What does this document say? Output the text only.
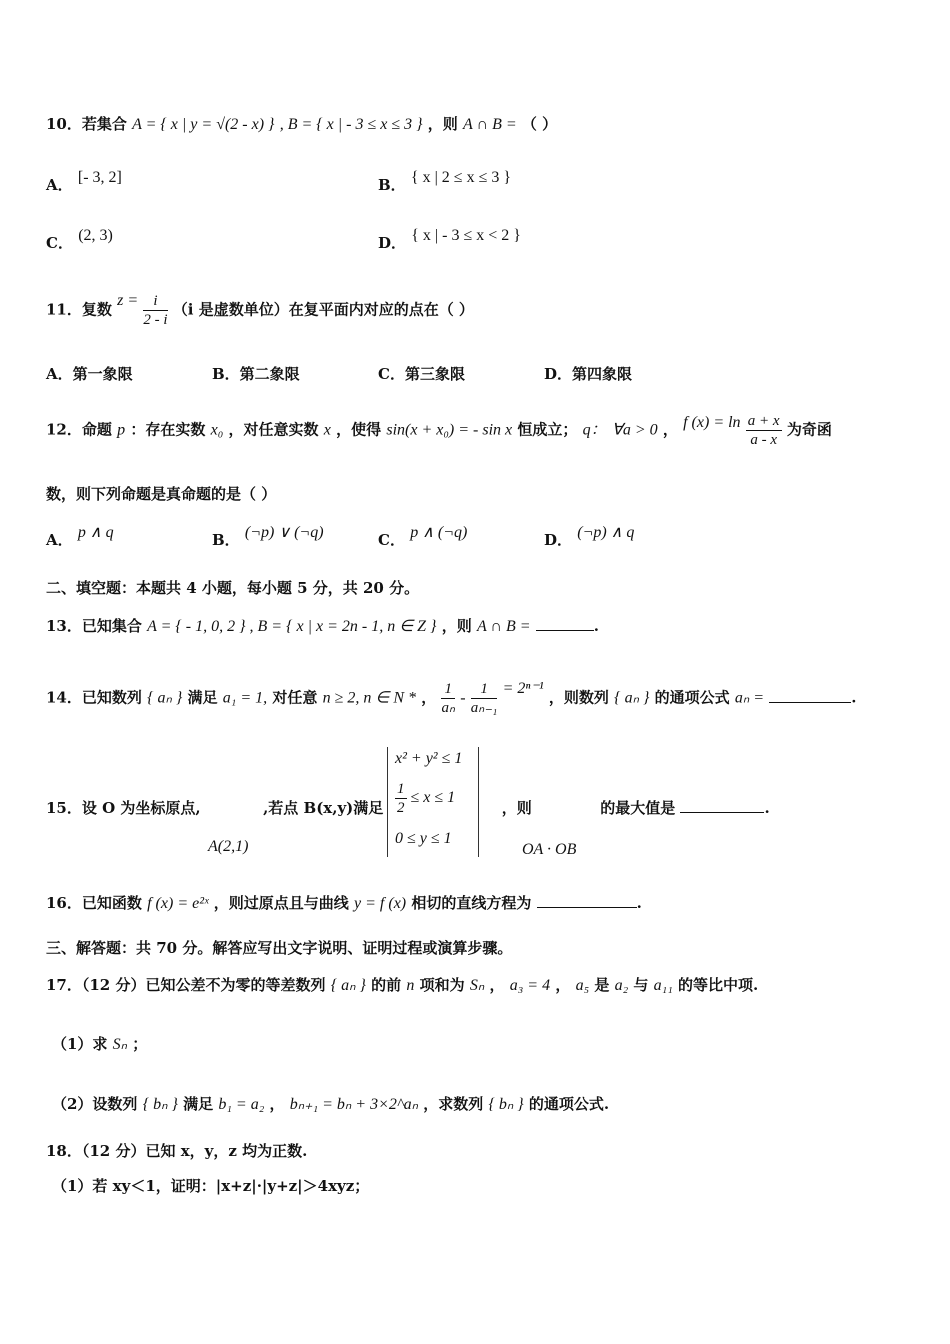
10．若集合 A = { x | y = √(2 - x) } , B = { x | - 3 ≤ x ≤ 3 } ，则 A ∩ B = （ ）
A． [- 3, 2]	B． { x | 2 ≤ x ≤ 3 }
C． (2, 3)	D． { x | - 3 ≤ x < 2 }
11．复数 $z = \frac{i}{2 - i} (i$ 是虚数单位）在复平面内对应的点在（ ）
A．第一象限	B．第二象限	C．第三象限	D．第四象限
12．命题 p ：存在实数 x₀ ，对任意实数 x ，使得 sin(x + x₀) = - sin x 恒成立； q： ∀a > 0 ， f $(x) = \ln \frac{a + x}{a - x}$ 为奇函
数，则下列命题是真命题的是（ ）
A． p ∧ q	B． (¬p) ∨ (¬q)	C． p ∧ (¬q)	D． (¬p) ∧ q
二、填空题：本题共 4 小题，每小题 5 分，共 20 分。
13．已知集合 A = { - 1, 0, 2 } , B = { x | x = 2n - 1, n ∈ Z } ，则 A ∩ B =	.
14．已知数列 { aₙ } 满足 a₁ = 1, 对任意 n ≥ 2, n ∈ N * ， $\frac{1}{\text{aₙ}} - \frac{1}{\text{aₙ₋₁}} = 2^{n-1}$ ，则数列 { aₙ } 的通项公式 aₙ =	.
15．设 O 为坐标原点,	,若点 B(x,y)满足	，则	的最大值是	.
x² + y² ≤ 1
$\frac{1}{2} \le x \le 1$
0 ≤ y ≤ 1
A(2,1)	OA · OB
16．已知函数 f (x) = e²ˣ ，则过原点且与曲线 y = f (x) 相切的直线方程为	.
三、解答题：共 70 分。解答应写出文字说明、证明过程或演算步骤。
17．（12 分）已知公差不为零的等差数列 { aₙ } 的前 n 项和为 Sₙ ， a₃ = 4 ， a₅ 是 a₂ 与 a₁₁ 的等比中项.
（1）求 Sₙ ；
（2）设数列 { bₙ } 满足 b₁ = a₂ ， bₙ₊₁ = bₙ + 3×2^aₙ ，求数列 { bₙ } 的通项公式.
18．（12 分）已知 x，y，z 均为正数.
（1）若 xy＜1，证明：|x+z|·|y+z|＞4xyz；
